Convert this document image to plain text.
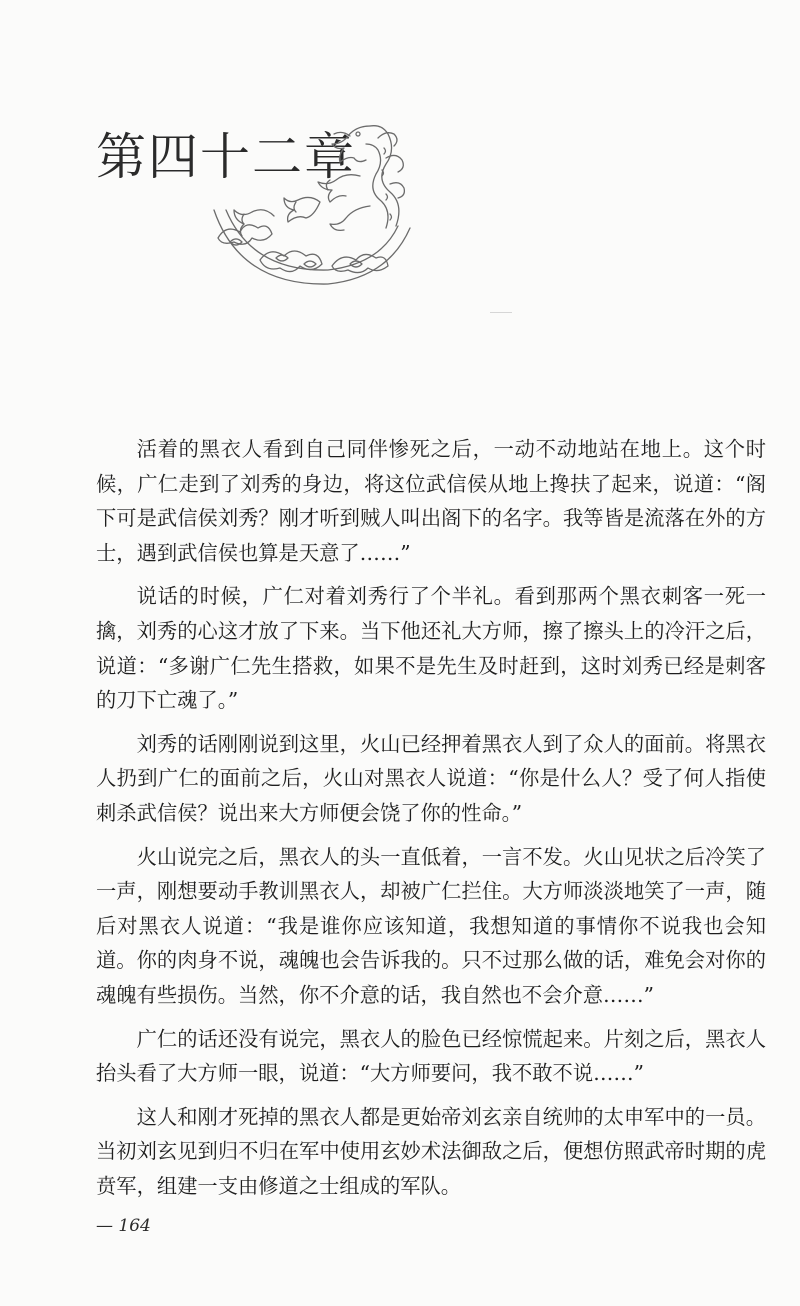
第四十二章

活着的黑衣人看到自己同伴惨死之后，一动不动地站在地上。这个时候，广仁走到了刘秀的身边，将这位武信侯从地上搀扶了起来，说道：“阁下可是武信侯刘秀？刚才听到贼人叫出阁下的名字。我等皆是流落在外的方士，遇到武信侯也算是天意了……”

说话的时候，广仁对着刘秀行了个半礼。看到那两个黑衣刺客一死一擒，刘秀的心这才放了下来。当下他还礼大方师，擦了擦头上的冷汗之后，说道：“多谢广仁先生搭救，如果不是先生及时赶到，这时刘秀已经是刺客的刀下亡魂了。”

刘秀的话刚刚说到这里，火山已经押着黑衣人到了众人的面前。将黑衣人扔到广仁的面前之后，火山对黑衣人说道：“你是什么人？受了何人指使刺杀武信侯？说出来大方师便会饶了你的性命。”

火山说完之后，黑衣人的头一直低着，一言不发。火山见状之后冷笑了一声，刚想要动手教训黑衣人，却被广仁拦住。大方师淡淡地笑了一声，随后对黑衣人说道：“我是谁你应该知道，我想知道的事情你不说我也会知道。你的肉身不说，魂魄也会告诉我的。只不过那么做的话，难免会对你的魂魄有些损伤。当然，你不介意的话，我自然也不会介意……”

广仁的话还没有说完，黑衣人的脸色已经惊慌起来。片刻之后，黑衣人抬头看了大方师一眼，说道：“大方师要问，我不敢不说……”

这人和刚才死掉的黑衣人都是更始帝刘玄亲自统帅的太申军中的一员。当初刘玄见到归不归在军中使用玄妙术法御敌之后，便想仿照武帝时期的虎贲军，组建一支由修道之士组成的军队。

— 164
